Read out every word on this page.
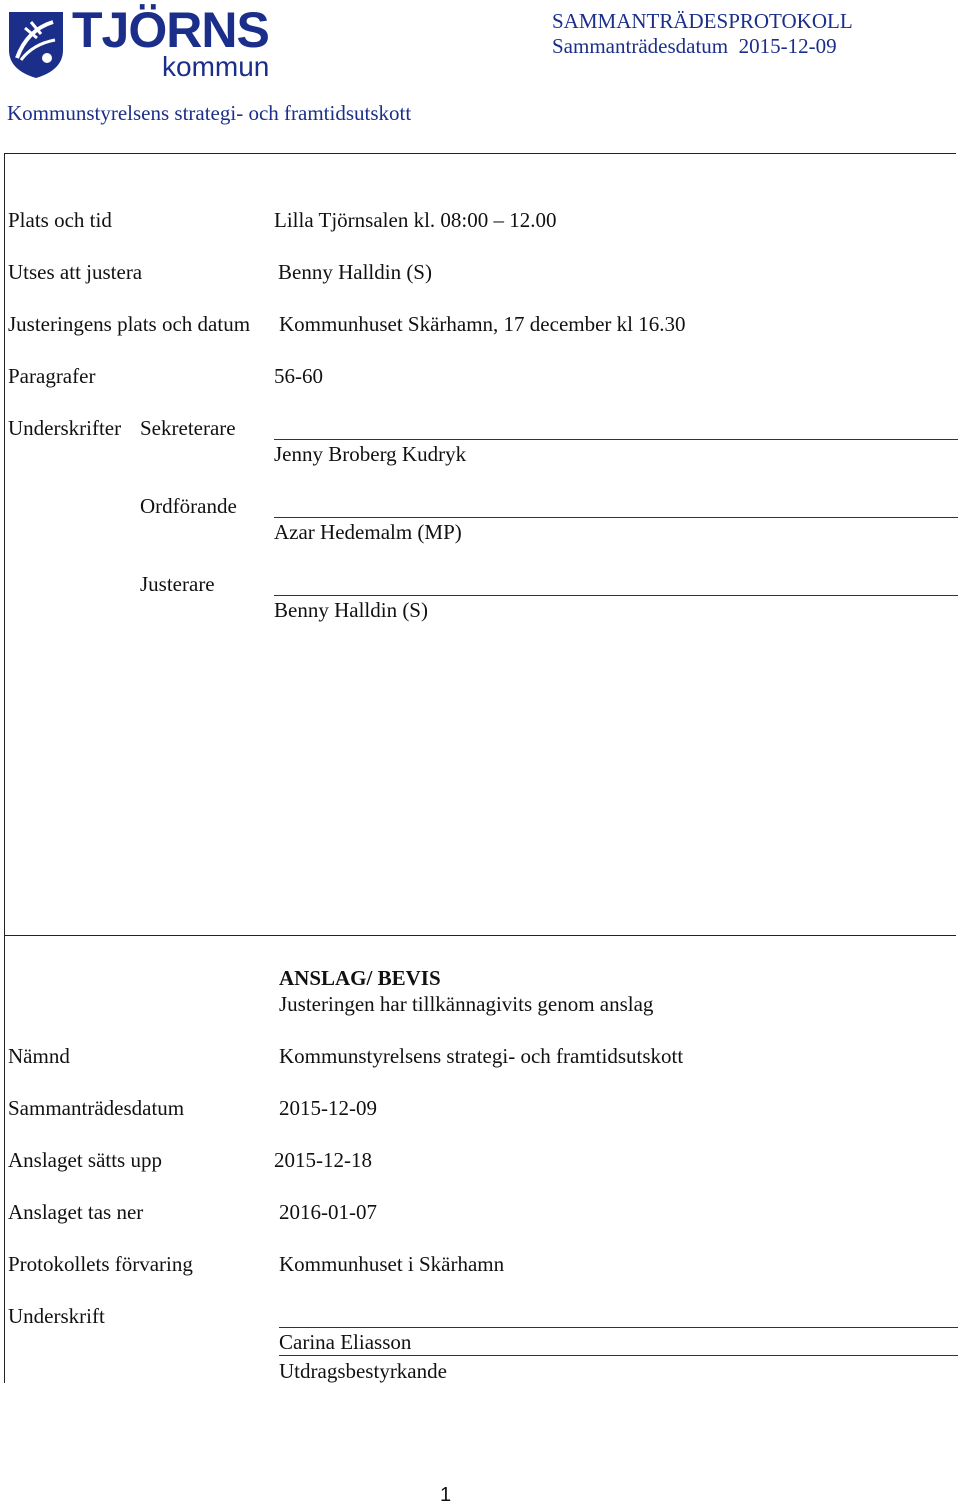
TJÖRNS
kommun
SAMMANTRÄDESPROTOKOLL
Sammanträdesdatum 2015-12-09
Kommunstyrelsens strategi- och framtidsutskott
Plats och tid	Lilla Tjörnsalen kl. 08:00 – 12.00
Utses att justera	Benny Halldin (S)
Justeringens plats och datum Kommunhuset Skärhamn, 17 december kl 16.30
Paragrafer	56-60
Underskrifter Sekreterare
Jenny Broberg Kudryk
Ordförande
Azar Hedemalm (MP)
Justerare
Benny Halldin (S)
ANSLAG/ BEVIS
Justeringen har tillkännagivits genom anslag
Nämnd	Kommunstyrelsens strategi- och framtidsutskott
Sammanträdesdatum	2015-12-09
Anslaget sätts upp	2015-12-18
Anslaget tas ner	2016-01-07
Protokollets förvaring	Kommunhuset i Skärhamn
Underskrift
Carina Eliasson
Utdragsbestyrkande
1
